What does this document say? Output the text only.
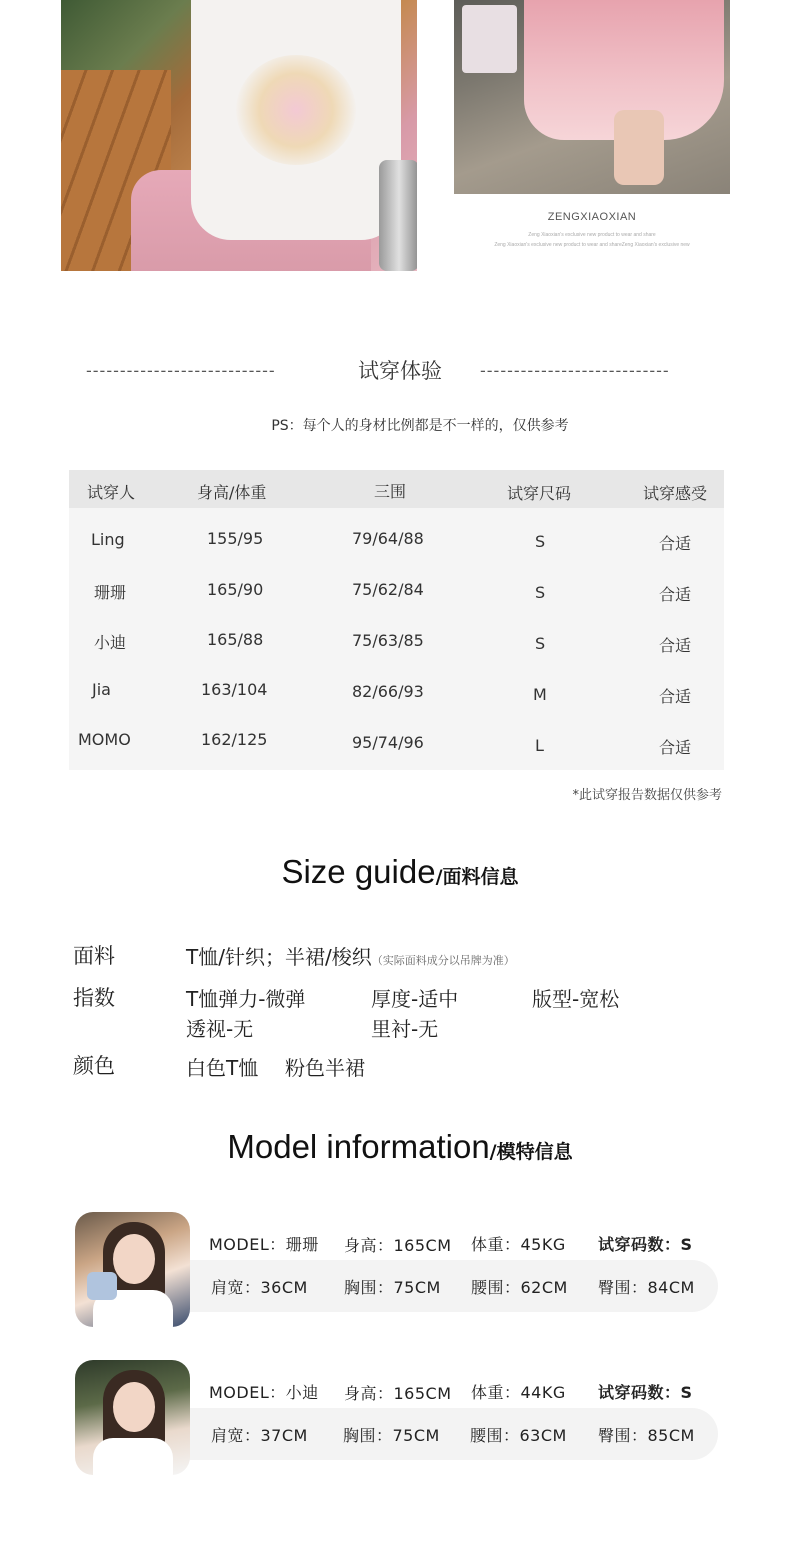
ZENGXIAOXIAN
Zeng Xiaoxian's exclusive new product to wear and share
Zeng Xiaoxian's exclusive new product to wear and shareZeng Xiaoxian's exclusive new
----------------------------	试穿体验	----------------------------
PS：每个人的身材比例都是不一样的，仅供参考
试穿人	身高/体重	三围	试穿尺码	试穿感受
Ling	155/95	79/64/88	S	合适
珊珊	165/90	75/62/84	S	合适
小迪	165/88	75/63/85	S	合适
Jia	163/104	82/66/93	M	合适
MOMO	162/125	95/74/96	L	合适
*此试穿报告数据仅供参考
Size guide/面料信息
面料	T恤/针织；半裙/梭织（实际面料成分以吊牌为准）
指数	T恤弹力-微弹	厚度-适中	版型-宽松
透视-无	里衬-无
颜色	白色T恤 粉色半裙
Model information/模特信息
MODEL：珊珊 身高：165CM 体重：45KG 试穿码数：S
肩宽：36CM 胸围：75CM 腰围：62CM 臀围：84CM
MODEL：小迪 身高：165CM 体重：44KG 试穿码数：S
肩宽：37CM 胸围：75CM 腰围：63CM 臀围：85CM
